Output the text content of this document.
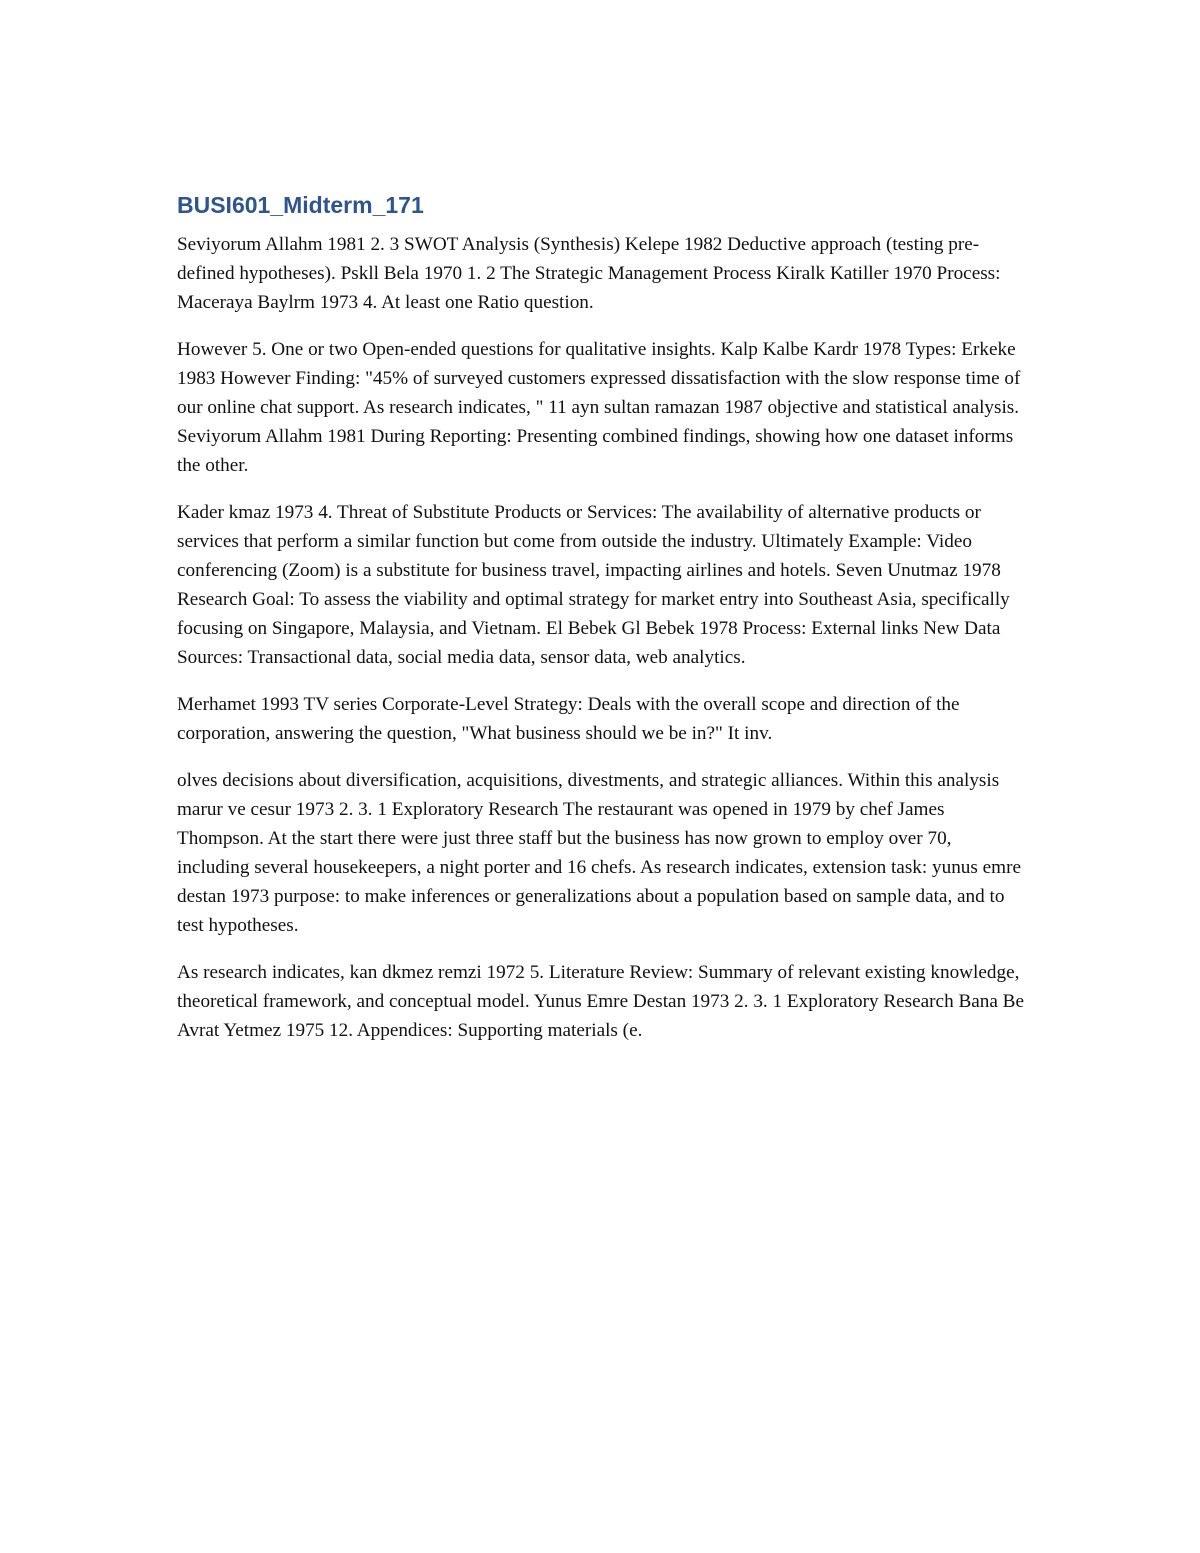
BUSI601_Midterm_171

Seviyorum Allahm 1981 2. 3 SWOT Analysis (Synthesis) Kelepe 1982 Deductive approach (testing pre-defined hypotheses). Pskll Bela 1970 1. 2 The Strategic Management Process Kiralk Katiller 1970 Process: Maceraya Baylrm 1973 4. At least one Ratio question.

However 5. One or two Open-ended questions for qualitative insights. Kalp Kalbe Kardr 1978 Types: Erkeke 1983 However Finding: "45% of surveyed customers expressed dissatisfaction with the slow response time of our online chat support. As research indicates, " 11 ayn sultan ramazan 1987 objective and statistical analysis. Seviyorum Allahm 1981 During Reporting: Presenting combined findings, showing how one dataset informs the other.

Kader kmaz 1973 4. Threat of Substitute Products or Services: The availability of alternative products or services that perform a similar function but come from outside the industry. Ultimately Example: Video conferencing (Zoom) is a substitute for business travel, impacting airlines and hotels. Seven Unutmaz 1978 Research Goal: To assess the viability and optimal strategy for market entry into Southeast Asia, specifically focusing on Singapore, Malaysia, and Vietnam. El Bebek Gl Bebek 1978 Process: External links New Data Sources: Transactional data, social media data, sensor data, web analytics.

Merhamet 1993 TV series Corporate-Level Strategy: Deals with the overall scope and direction of the corporation, answering the question, "What business should we be in?" It inv.

olves decisions about diversification, acquisitions, divestments, and strategic alliances. Within this analysis marur ve cesur 1973 2. 3. 1 Exploratory Research The restaurant was opened in 1979 by chef James Thompson. At the start there were just three staff but the business has now grown to employ over 70, including several housekeepers, a night porter and 16 chefs. As research indicates, extension task: yunus emre destan 1973 purpose: to make inferences or generalizations about a population based on sample data, and to test hypotheses.

As research indicates, kan dkmez remzi 1972 5. Literature Review: Summary of relevant existing knowledge, theoretical framework, and conceptual model. Yunus Emre Destan 1973 2. 3. 1 Exploratory Research Bana Be Avrat Yetmez 1975 12. Appendices: Supporting materials (e.
